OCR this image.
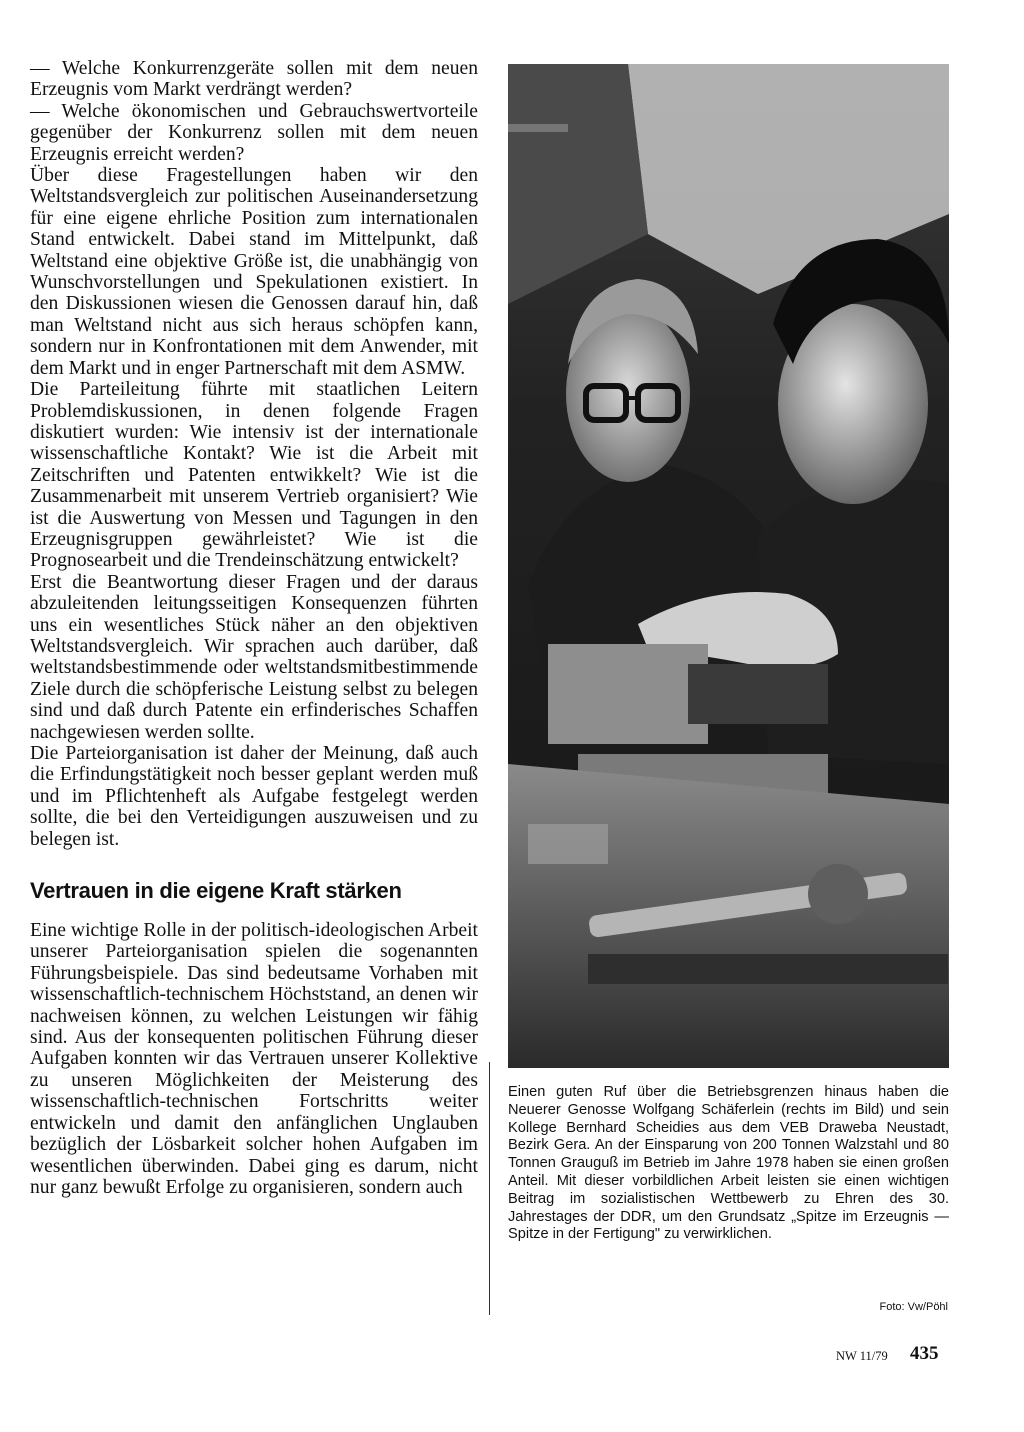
— Welche Konkurrenzgeräte sollen mit dem neuen Erzeugnis vom Markt verdrängt werden?

— Welche ökonomischen und Gebrauchswertvorteile gegenüber der Konkurrenz sollen mit dem neuen Erzeugnis erreicht werden?

Über diese Fragestellungen haben wir den Weltstandsvergleich zur politischen Auseinandersetzung für eine eigene ehrliche Position zum internationalen Stand entwickelt. Dabei stand im Mittelpunkt, daß Weltstand eine objektive Größe ist, die unabhängig von Wunschvorstellungen und Spekulationen existiert. In den Diskussionen wiesen die Genossen darauf hin, daß man Weltstand nicht aus sich heraus schöpfen kann, sondern nur in Konfrontationen mit dem Anwender, mit dem Markt und in enger Partnerschaft mit dem ASMW.

Die Parteileitung führte mit staatlichen Leitern Problemdiskussionen, in denen folgende Fragen diskutiert wurden: Wie intensiv ist der internationale wissenschaftliche Kontakt? Wie ist die Arbeit mit Zeitschriften und Patenten entwikkelt? Wie ist die Zusammenarbeit mit unserem Vertrieb organisiert? Wie ist die Auswertung von Messen und Tagungen in den Erzeugnisgruppen gewährleistet? Wie ist die Prognosearbeit und die Trendeinschätzung entwickelt?

Erst die Beantwortung dieser Fragen und der daraus abzuleitenden leitungsseitigen Konsequenzen führten uns ein wesentliches Stück näher an den objektiven Weltstandsvergleich. Wir sprachen auch darüber, daß weltstandsbestimmende oder weltstandsmitbestimmende Ziele durch die schöpferische Leistung selbst zu belegen sind und daß durch Patente ein erfinderisches Schaffen nachgewiesen werden sollte.

Die Parteiorganisation ist daher der Meinung, daß auch die Erfindungstätigkeit noch besser geplant werden muß und im Pflichtenheft als Aufgabe festgelegt werden sollte, die bei den Verteidigungen auszuweisen und zu belegen ist.

Vertrauen in die eigene Kraft stärken

Eine wichtige Rolle in der politisch-ideologischen Arbeit unserer Parteiorganisation spielen die sogenannten Führungsbeispiele. Das sind bedeutsame Vorhaben mit wissenschaftlich-technischem Höchststand, an denen wir nachweisen können, zu welchen Leistungen wir fähig sind. Aus der konsequenten politischen Führung dieser Aufgaben konnten wir das Vertrauen unserer Kollektive zu unseren Möglichkeiten der Meisterung des wissenschaftlich-technischen Fortschritts weiter entwickeln und damit den anfänglichen Unglauben bezüglich der Lösbarkeit solcher hohen Aufgaben im wesentlichen überwinden. Dabei ging es darum, nicht nur ganz bewußt Erfolge zu organisieren, sondern auch

Einen guten Ruf über die Betriebsgrenzen hinaus haben die Neuerer Genosse Wolfgang Schäferlein (rechts im Bild) und sein Kollege Bernhard Scheidies aus dem VEB Draweba Neustadt, Bezirk Gera. An der Einsparung von 200 Tonnen Walzstahl und 80 Tonnen Grauguß im Betrieb im Jahre 1978 haben sie einen großen Anteil. Mit dieser vorbildlichen Arbeit leisten sie einen wichtigen Beitrag im sozialistischen Wettbewerb zu Ehren des 30. Jahrestages der DDR, um den Grundsatz „Spitze im Erzeugnis — Spitze in der Fertigung" zu verwirklichen.

Foto: Vw/Pöhl
NW 11/79 435
